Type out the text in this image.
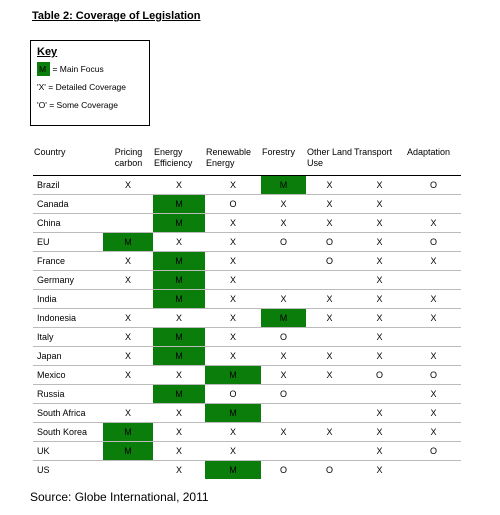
Table 2: Coverage of Legislation
Key
M = Main Focus
'X' = Detailed Coverage
'O' = Some Coverage
Country	Pricing carbon	Energy Efficiency	Renewable Energy	Forestry	Other Land Use	Transport	Adaptation
Brazil	X	X	X	M	X	X	O
Canada		M	O	X	X	X	
China		M	X	X	X	X	X
EU	M	X	X	O	O	X	O
France	X	M	X		O	X	X
Germany	X	M	X			X	
India		M	X	X	X	X	X
Indonesia	X	X	X	M	X	X	X
Italy	X	M	X	O		X	
Japan	X	M	X	X	X	X	X
Mexico	X	X	M	X	X	O	O
Russia		M	O	O			X
South Africa	X	X	M			X	X
South Korea	M	X	X	X	X	X	X
UK	M	X	X			X	O
US		X	M	O	O	X	
Source: Globe International, 2011
